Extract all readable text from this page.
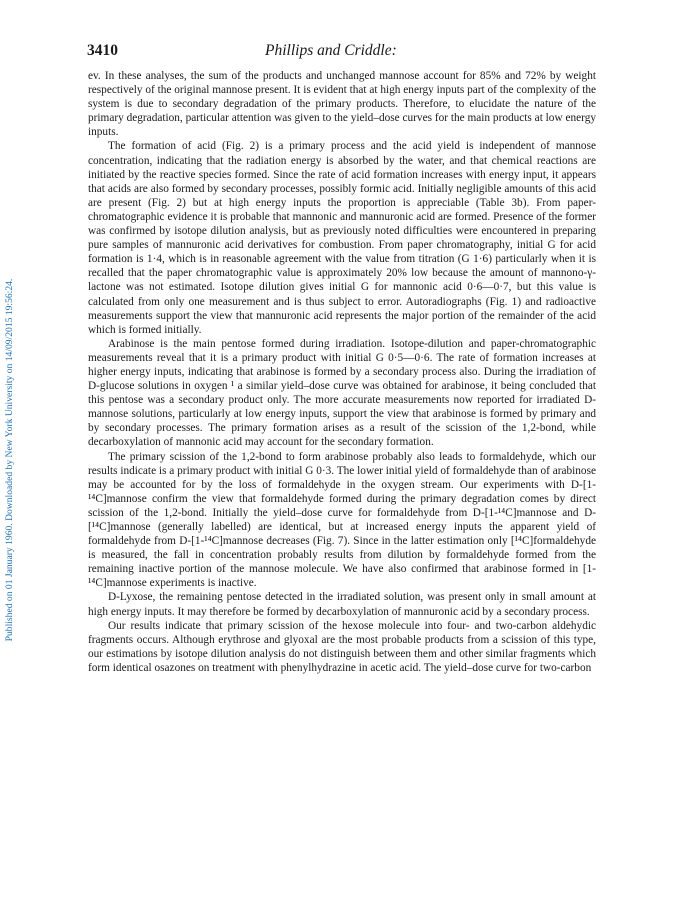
3410	Phillips and Criddle:
Published on 01 January 1960. Downloaded by New York University on 14/09/2015 19:56:24.

ev. In these analyses, the sum of the products and unchanged mannose account for 85% and 72% by weight respectively of the original mannose present. It is evident that at high energy inputs part of the complexity of the system is due to secondary degradation of the primary products. Therefore, to elucidate the nature of the primary degradation, particular attention was given to the yield–dose curves for the main products at low energy inputs.

The formation of acid (Fig. 2) is a primary process and the acid yield is independent of mannose concentration, indicating that the radiation energy is absorbed by the water, and that chemical reactions are initiated by the reactive species formed. Since the rate of acid formation increases with energy input, it appears that acids are also formed by secondary processes, possibly formic acid. Initially negligible amounts of this acid are present (Fig. 2) but at high energy inputs the proportion is appreciable (Table 3b). From paper-chromatographic evidence it is probable that mannonic and mannuronic acid are formed. Presence of the former was confirmed by isotope dilution analysis, but as previously noted difficulties were encountered in preparing pure samples of mannuronic acid derivatives for combustion. From paper chromatography, initial G for acid formation is 1·4, which is in reasonable agreement with the value from titration (G 1·6) particularly when it is recalled that the paper chromatographic value is approximately 20% low because the amount of mannono-γ-lactone was not estimated. Isotope dilution gives initial G for mannonic acid 0·6—0·7, but this value is calculated from only one measurement and is thus subject to error. Autoradiographs (Fig. 1) and radioactive measurements support the view that mannuronic acid represents the major portion of the remainder of the acid which is formed initially.

Arabinose is the main pentose formed during irradiation. Isotope-dilution and paper-chromatographic measurements reveal that it is a primary product with initial G 0·5—0·6. The rate of formation increases at higher energy inputs, indicating that arabinose is formed by a secondary process also. During the irradiation of D-glucose solutions in oxygen ¹ a similar yield–dose curve was obtained for arabinose, it being concluded that this pentose was a secondary product only. The more accurate measurements now reported for irradiated D-mannose solutions, particularly at low energy inputs, support the view that arabinose is formed by primary and by secondary processes. The primary formation arises as a result of the scission of the 1,2-bond, while decarboxylation of mannonic acid may account for the secondary formation.

The primary scission of the 1,2-bond to form arabinose probably also leads to formaldehyde, which our results indicate is a primary product with initial G 0·3. The lower initial yield of formaldehyde than of arabinose may be accounted for by the loss of formaldehyde in the oxygen stream. Our experiments with D-[1-¹⁴C]mannose confirm the view that formaldehyde formed during the primary degradation comes by direct scission of the 1,2-bond. Initially the yield–dose curve for formaldehyde from D-[1-¹⁴C]mannose and D-[¹⁴C]mannose (generally labelled) are identical, but at increased energy inputs the apparent yield of formaldehyde from D-[1-¹⁴C]mannose decreases (Fig. 7). Since in the latter estimation only [¹⁴C]formaldehyde is measured, the fall in concentration probably results from dilution by formaldehyde formed from the remaining inactive portion of the mannose molecule. We have also confirmed that arabinose formed in [1-¹⁴C]mannose experiments is inactive.

D-Lyxose, the remaining pentose detected in the irradiated solution, was present only in small amount at high energy inputs. It may therefore be formed by decarboxylation of mannuronic acid by a secondary process.

Our results indicate that primary scission of the hexose molecule into four- and two-carbon aldehydic fragments occurs. Although erythrose and glyoxal are the most probable products from a scission of this type, our estimations by isotope dilution analysis do not distinguish between them and other similar fragments which form identical osazones on treatment with phenylhydrazine in acetic acid. The yield–dose curve for two-carbon
